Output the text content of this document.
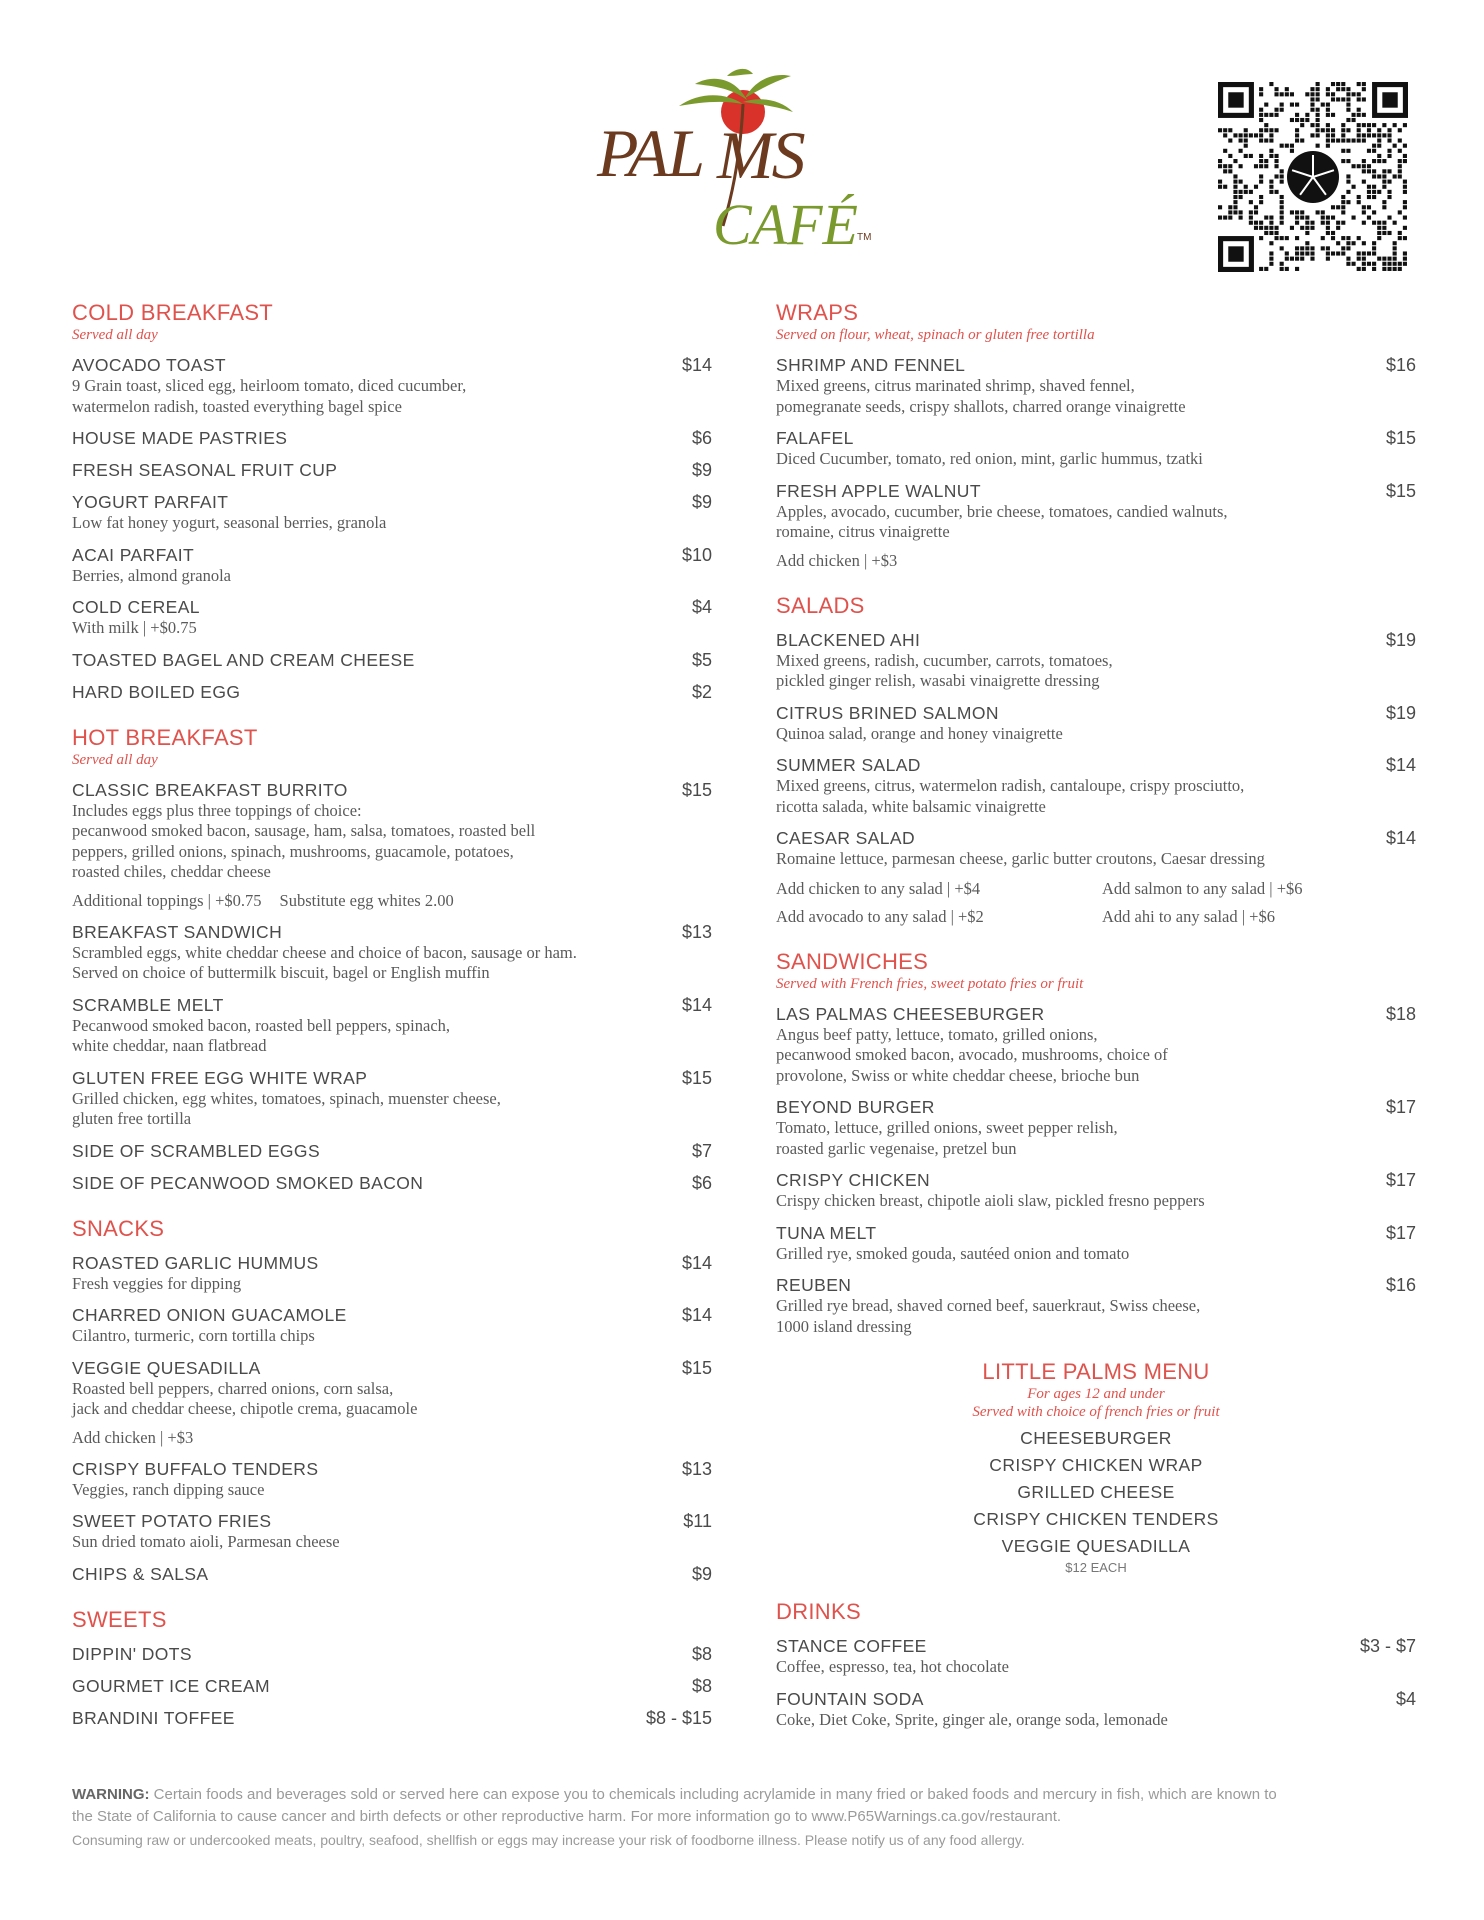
PAL MS
CAFÉ TM
COLD BREAKFAST
Served all day
AVOCADO TOAST	$14
9 Grain toast, sliced egg, heirloom tomato, diced cucumber,
watermelon radish, toasted everything bagel spice
HOUSE MADE PASTRIES	$6
FRESH SEASONAL FRUIT CUP	$9
YOGURT PARFAIT	$9
Low fat honey yogurt, seasonal berries, granola
ACAI PARFAIT	$10
Berries, almond granola
COLD CEREAL	$4
With milk | +$0.75
TOASTED BAGEL AND CREAM CHEESE	$5
HARD BOILED EGG	$2
HOT BREAKFAST
Served all day
CLASSIC BREAKFAST BURRITO	$15
Includes eggs plus three toppings of choice:
pecanwood smoked bacon, sausage, ham, salsa, tomatoes, roasted bell
peppers, grilled onions, spinach, mushrooms, guacamole, potatoes,
roasted chiles, cheddar cheese
Additional toppings | +$0.75 Substitute egg whites 2.00
BREAKFAST SANDWICH	$13
Scrambled eggs, white cheddar cheese and choice of bacon, sausage or ham.
Served on choice of buttermilk biscuit, bagel or English muffin
SCRAMBLE MELT	$14
Pecanwood smoked bacon, roasted bell peppers, spinach,
white cheddar, naan flatbread
GLUTEN FREE EGG WHITE WRAP	$15
Grilled chicken, egg whites, tomatoes, spinach, muenster cheese,
gluten free tortilla
SIDE OF SCRAMBLED EGGS	$7
SIDE OF PECANWOOD SMOKED BACON	$6
SNACKS
ROASTED GARLIC HUMMUS	$14
Fresh veggies for dipping
CHARRED ONION GUACAMOLE	$14
Cilantro, turmeric, corn tortilla chips
VEGGIE QUESADILLA	$15
Roasted bell peppers, charred onions, corn salsa,
jack and cheddar cheese, chipotle crema, guacamole
Add chicken | +$3
CRISPY BUFFALO TENDERS	$13
Veggies, ranch dipping sauce
SWEET POTATO FRIES	$11
Sun dried tomato aioli, Parmesan cheese
CHIPS & SALSA	$9
SWEETS
DIPPIN' DOTS	$8
GOURMET ICE CREAM	$8
BRANDINI TOFFEE	$8 - $15
WRAPS
Served on flour, wheat, spinach or gluten free tortilla
SHRIMP AND FENNEL	$16
Mixed greens, citrus marinated shrimp, shaved fennel,
pomegranate seeds, crispy shallots, charred orange vinaigrette
FALAFEL	$15
Diced Cucumber, tomato, red onion, mint, garlic hummus, tzatki
FRESH APPLE WALNUT	$15
Apples, avocado, cucumber, brie cheese, tomatoes, candied walnuts,
romaine, citrus vinaigrette
Add chicken | +$3
SALADS
BLACKENED AHI	$19
Mixed greens, radish, cucumber, carrots, tomatoes,
pickled ginger relish, wasabi vinaigrette dressing
CITRUS BRINED SALMON	$19
Quinoa salad, orange and honey vinaigrette
SUMMER SALAD	$14
Mixed greens, citrus, watermelon radish, cantaloupe, crispy prosciutto,
ricotta salada, white balsamic vinaigrette
CAESAR SALAD	$14
Romaine lettuce, parmesan cheese, garlic butter croutons, Caesar dressing
Add chicken to any salad | +$4	Add salmon to any salad | +$6
Add avocado to any salad | +$2	Add ahi to any salad | +$6
SANDWICHES
Served with French fries, sweet potato fries or fruit
LAS PALMAS CHEESEBURGER	$18
Angus beef patty, lettuce, tomato, grilled onions,
pecanwood smoked bacon, avocado, mushrooms, choice of
provolone, Swiss or white cheddar cheese, brioche bun
BEYOND BURGER	$17
Tomato, lettuce, grilled onions, sweet pepper relish,
roasted garlic vegenaise, pretzel bun
CRISPY CHICKEN	$17
Crispy chicken breast, chipotle aioli slaw, pickled fresno peppers
TUNA MELT	$17
Grilled rye, smoked gouda, sautéed onion and tomato
REUBEN	$16
Grilled rye bread, shaved corned beef, sauerkraut, Swiss cheese,
1000 island dressing
LITTLE PALMS MENU
For ages 12 and under
Served with choice of french fries or fruit
CHEESEBURGER
CRISPY CHICKEN WRAP
GRILLED CHEESE
CRISPY CHICKEN TENDERS
VEGGIE QUESADILLA
$12 EACH
DRINKS
STANCE COFFEE	$3 - $7
Coffee, espresso, tea, hot chocolate
FOUNTAIN SODA	$4
Coke, Diet Coke, Sprite, ginger ale, orange soda, lemonade
WARNING: Certain foods and beverages sold or served here can expose you to chemicals including acrylamide in many fried or baked foods and mercury in fish, which are known to the State of California to cause cancer and birth defects or other reproductive harm. For more information go to www.P65Warnings.ca.gov/restaurant.
Consuming raw or undercooked meats, poultry, seafood, shellfish or eggs may increase your risk of foodborne illness. Please notify us of any food allergy.
